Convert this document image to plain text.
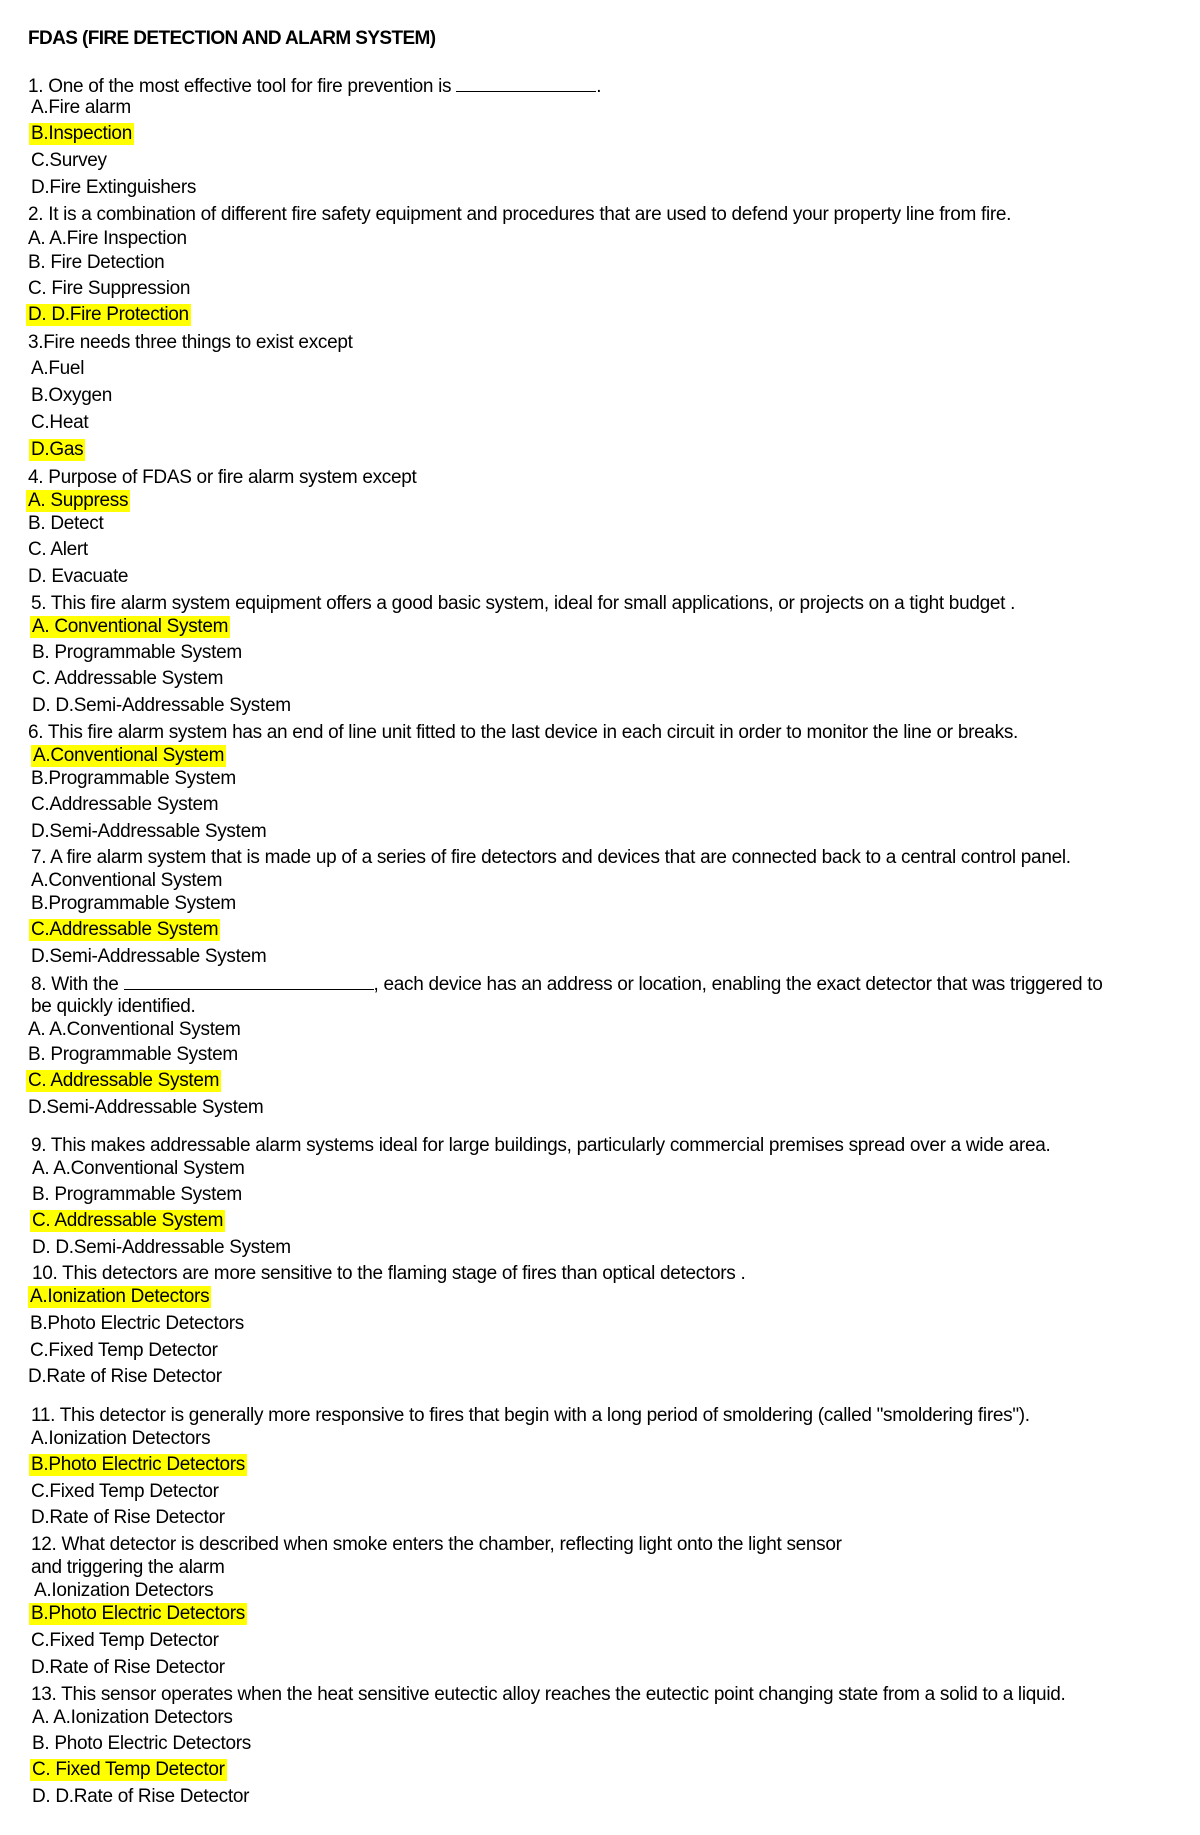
FDAS (FIRE DETECTION AND ALARM SYSTEM)
1. One of the most effective tool for fire prevention is	.
A.Fire alarm
B.Inspection
C.Survey
D.Fire Extinguishers
2. It is a combination of different fire safety equipment and procedures that are used to defend your property line from fire.
A. A.Fire Inspection
B. Fire Detection
C. Fire Suppression
D. D.Fire Protection
3.Fire needs three things to exist except
A.Fuel
B.Oxygen
C.Heat
D.Gas
4. Purpose of FDAS or fire alarm system except
A. Suppress
B. Detect
C. Alert
D. Evacuate
5. This fire alarm system equipment offers a good basic system, ideal for small applications, or projects on a tight budget .
A. Conventional System
B. Programmable System
C. Addressable System
D. D.Semi-Addressable System
6. This fire alarm system has an end of line unit fitted to the last device in each circuit in order to monitor the line or breaks.
A.Conventional System
B.Programmable System
C.Addressable System
D.Semi-Addressable System
7. A fire alarm system that is made up of a series of fire detectors and devices that are connected back to a central control panel.
A.Conventional System
B.Programmable System
C.Addressable System
D.Semi-Addressable System
8. With the	, each device has an address or location, enabling the exact detector that was triggered to
be quickly identified.
A. A.Conventional System
B. Programmable System
C. Addressable System
D.Semi-Addressable System
9. This makes addressable alarm systems ideal for large buildings, particularly commercial premises spread over a wide area.
A. A.Conventional System
B. Programmable System
C. Addressable System
D. D.Semi-Addressable System
10. This detectors are more sensitive to the flaming stage of fires than optical detectors .
A.Ionization Detectors
B.Photo Electric Detectors
C.Fixed Temp Detector
D.Rate of Rise Detector
11. This detector is generally more responsive to fires that begin with a long period of smoldering (called "smoldering fires").
A.Ionization Detectors
B.Photo Electric Detectors
C.Fixed Temp Detector
D.Rate of Rise Detector
12. What detector is described when smoke enters the chamber, reflecting light onto the light sensor
and triggering the alarm
A.Ionization Detectors
B.Photo Electric Detectors
C.Fixed Temp Detector
D.Rate of Rise Detector
13. This sensor operates when the heat sensitive eutectic alloy reaches the eutectic point changing state from a solid to a liquid.
A. A.Ionization Detectors
B. Photo Electric Detectors
C. Fixed Temp Detector
D. D.Rate of Rise Detector
